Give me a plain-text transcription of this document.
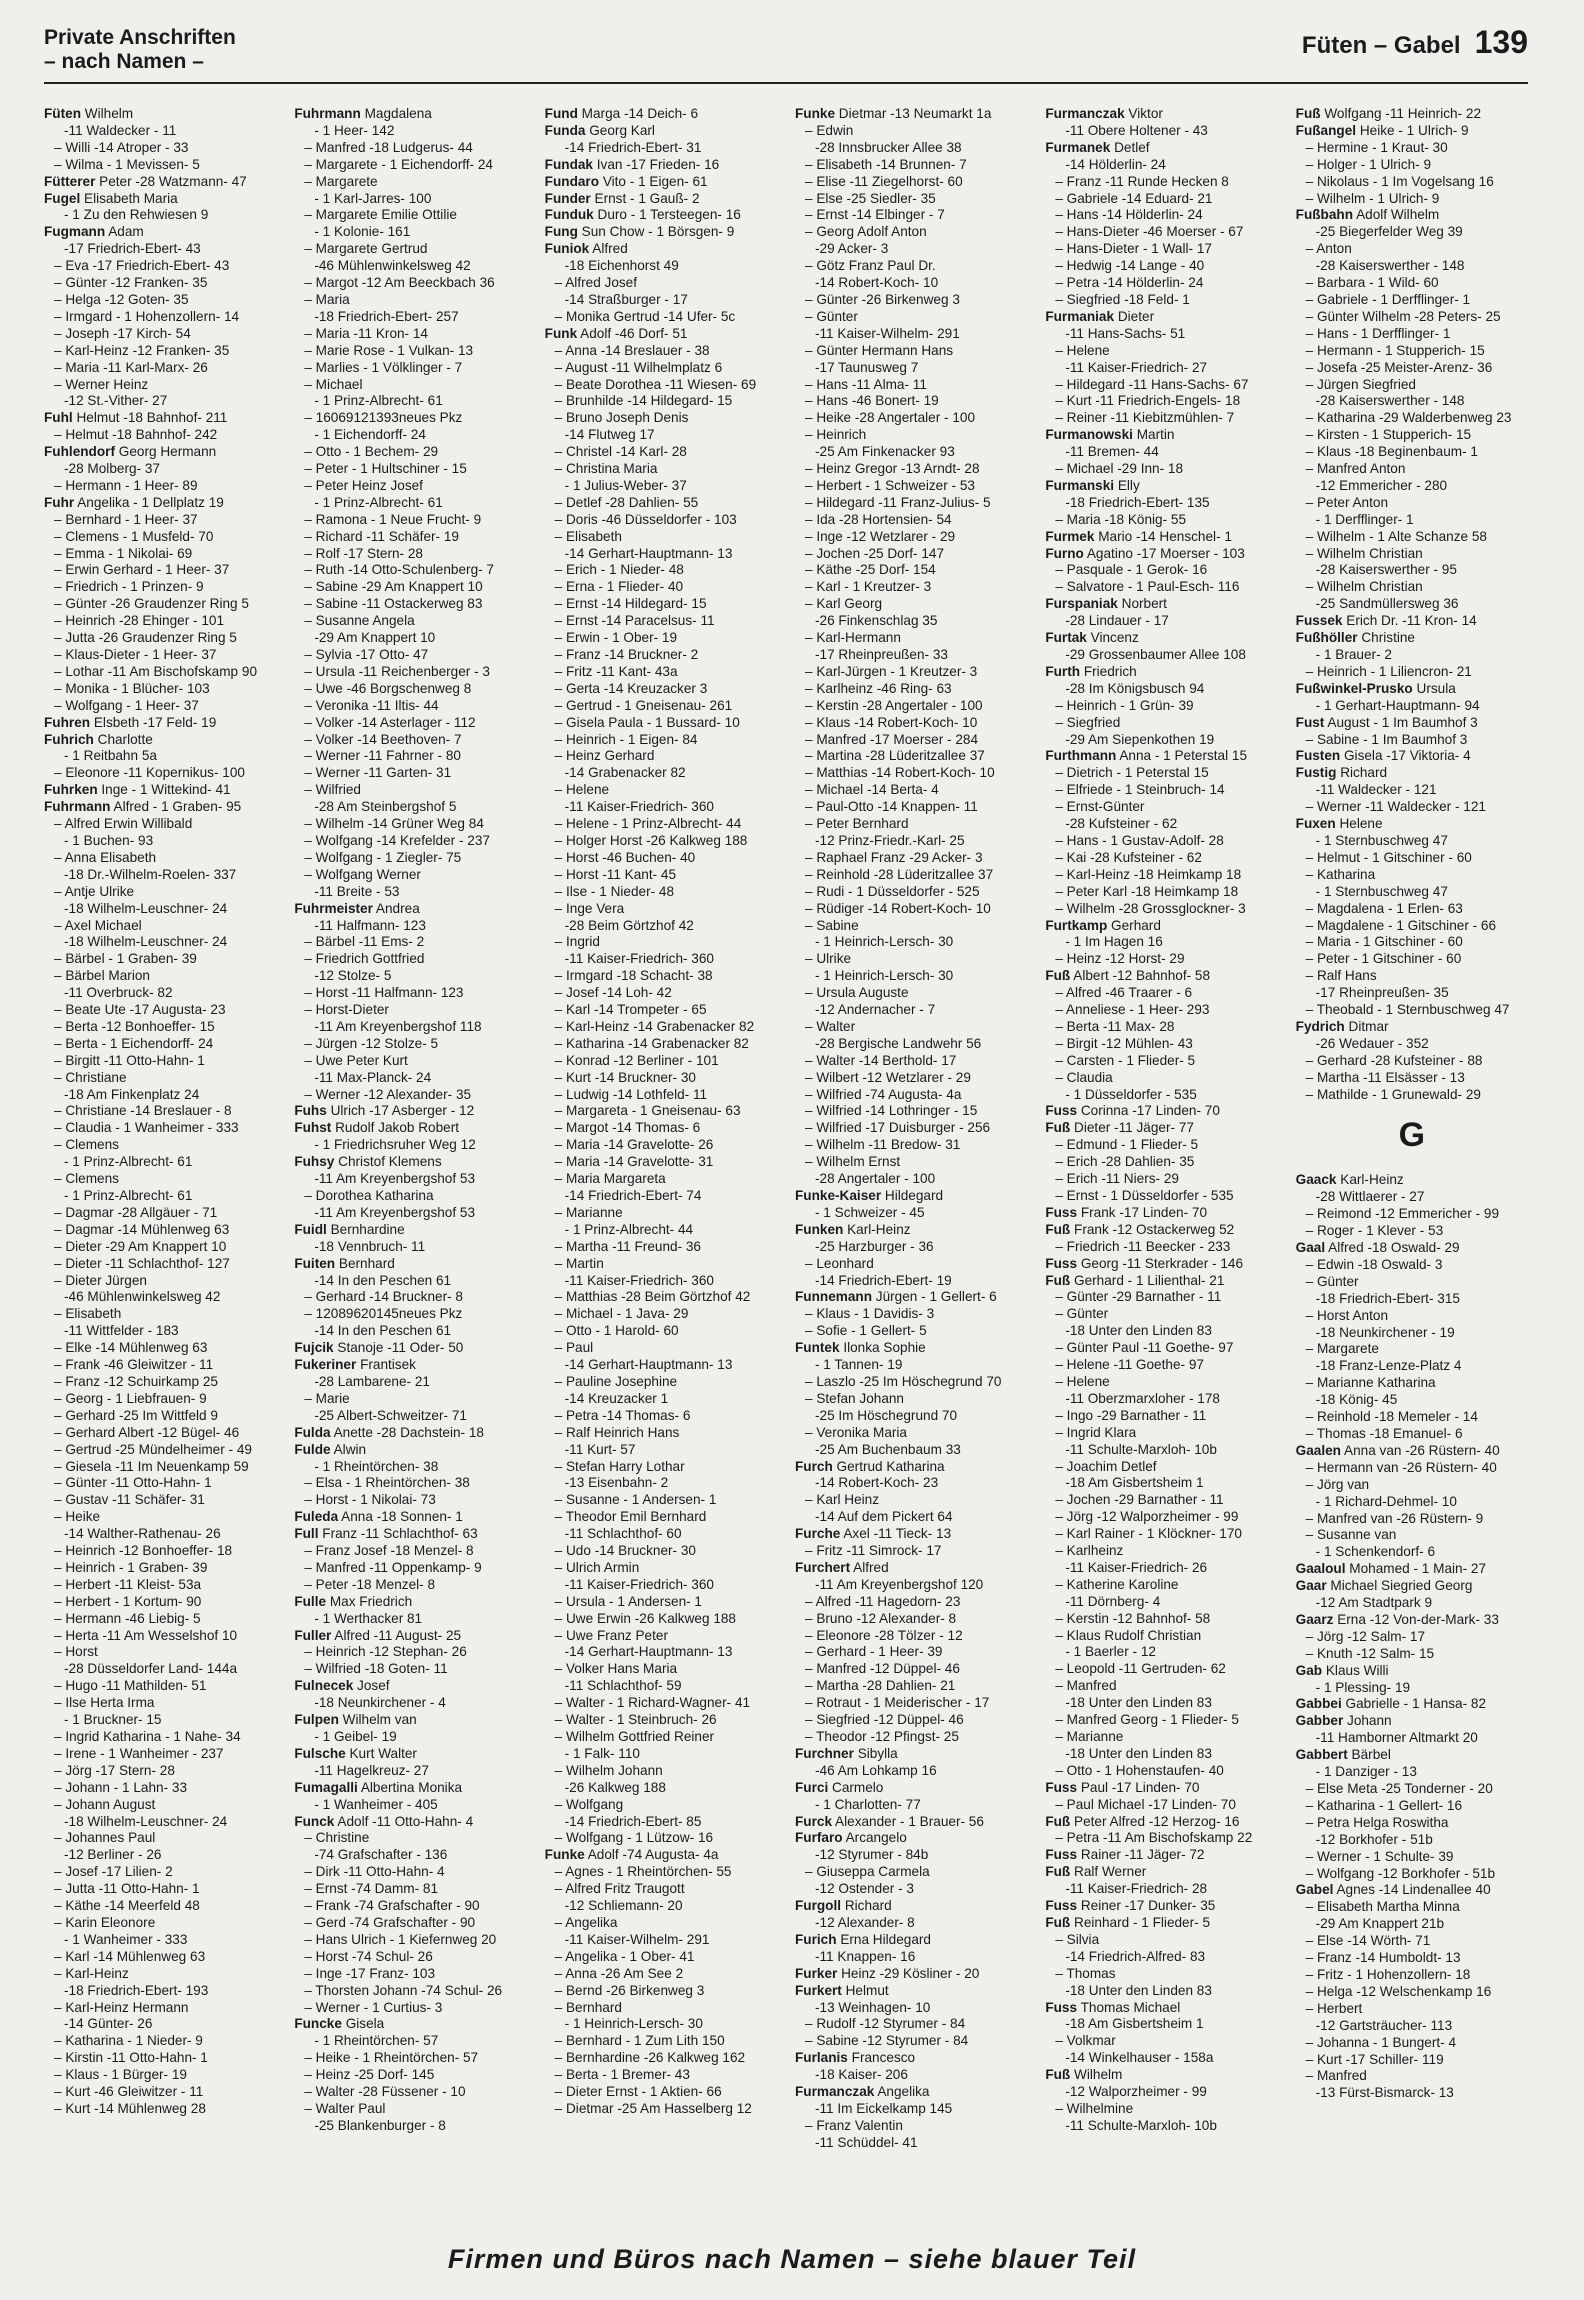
Private Anschriften
– nach Namen –
Füten – Gabel 139
Füten Wilhelm
-11 Waldecker - 11
– Willi -14 Atroper - 33
– Wilma - 1 Mevissen- 5
Fütterer Peter -28 Watzmann- 47
Fugel Elisabeth Maria
- 1 Zu den Rehwiesen 9
Fugmann Adam
-17 Friedrich-Ebert- 43
– Eva -17 Friedrich-Ebert- 43
– Günter -12 Franken- 35
– Helga -12 Goten- 35
– Irmgard - 1 Hohenzollern- 14
– Joseph -17 Kirch- 54
– Karl-Heinz -12 Franken- 35
– Maria -11 Karl-Marx- 26
– Werner Heinz
-12 St.-Vither- 27
Fuhl Helmut -18 Bahnhof- 211
– Helmut -18 Bahnhof- 242
Fuhlendorf Georg Hermann
-28 Molberg- 37
– Hermann - 1 Heer- 89
Fuhr Angelika - 1 Dellplatz 19
– Bernhard - 1 Heer- 37
– Clemens - 1 Musfeld- 70
– Emma - 1 Nikolai- 69
– Erwin Gerhard - 1 Heer- 37
– Friedrich - 1 Prinzen- 9
– Günter -26 Graudenzer Ring 5
– Heinrich -28 Ehinger - 101
– Jutta -26 Graudenzer Ring 5
– Klaus-Dieter - 1 Heer- 37
– Lothar -11 Am Bischofskamp 90
– Monika - 1 Blücher- 103
– Wolfgang - 1 Heer- 37
Fuhren Elsbeth -17 Feld- 19
Fuhrich Charlotte
- 1 Reitbahn 5a
– Eleonore -11 Kopernikus- 100
Fuhrken Inge - 1 Wittekind- 41
Fuhrmann Alfred - 1 Graben- 95
– Alfred Erwin Willibald
- 1 Buchen- 93
– Anna Elisabeth
-18 Dr.-Wilhelm-Roelen- 337
– Antje Ulrike
-18 Wilhelm-Leuschner- 24
– Axel Michael
-18 Wilhelm-Leuschner- 24
– Bärbel - 1 Graben- 39
– Bärbel Marion
-11 Overbruck- 82
– Beate Ute -17 Augusta- 23
– Berta -12 Bonhoeffer- 15
– Berta - 1 Eichendorff- 24
– Birgitt -11 Otto-Hahn- 1
– Christiane
-18 Am Finkenplatz 24
– Christiane -14 Breslauer - 8
– Claudia - 1 Wanheimer - 333
– Clemens
- 1 Prinz-Albrecht- 61
– Clemens
- 1 Prinz-Albrecht- 61
– Dagmar -28 Allgäuer - 71
– Dagmar -14 Mühlenweg 63
– Dieter -29 Am Knappert 10
– Dieter -11 Schlachthof- 127
– Dieter Jürgen
-46 Mühlenwinkelsweg 42
– Elisabeth
-11 Wittfelder - 183
– Elke -14 Mühlenweg 63
– Frank -46 Gleiwitzer - 11
– Franz -12 Schuirkamp 25
– Georg - 1 Liebfrauen- 9
– Gerhard -25 Im Wittfeld 9
– Gerhard Albert -12 Bügel- 46
– Gertrud -25 Mündelheimer - 49
– Giesela -11 Im Neuenkamp 59
– Günter -11 Otto-Hahn- 1
– Gustav -11 Schäfer- 31
– Heike
-14 Walther-Rathenau- 26
– Heinrich -12 Bonhoeffer- 18
– Heinrich - 1 Graben- 39
– Herbert -11 Kleist- 53a
– Herbert - 1 Kortum- 90
– Hermann -46 Liebig- 5
– Herta -11 Am Wesselshof 10
– Horst
-28 Düsseldorfer Land- 144a
– Hugo -11 Mathilden- 51
– Ilse Herta Irma
- 1 Bruckner- 15
– Ingrid Katharina - 1 Nahe- 34
– Irene - 1 Wanheimer - 237
– Jörg -17 Stern- 28
– Johann - 1 Lahn- 33
– Johann August
-18 Wilhelm-Leuschner- 24
– Johannes Paul
-12 Berliner - 26
– Josef -17 Lilien- 2
– Jutta -11 Otto-Hahn- 1
– Käthe -14 Meerfeld 48
– Karin Eleonore
- 1 Wanheimer - 333
– Karl -14 Mühlenweg 63
– Karl-Heinz
-18 Friedrich-Ebert- 193
– Karl-Heinz Hermann
-14 Günter- 26
– Katharina - 1 Nieder- 9
– Kirstin -11 Otto-Hahn- 1
– Klaus - 1 Bürger- 19
– Kurt -46 Gleiwitzer - 11
– Kurt -14 Mühlenweg 28
Fuhrmann Magdalena
- 1 Heer- 142
– Manfred -18 Ludgerus- 44
– Margarete - 1 Eichendorff- 24
– Margarete
- 1 Karl-Jarres- 100
– Margarete Emilie Ottilie
- 1 Kolonie- 161
– Margarete Gertrud
-46 Mühlenwinkelsweg 42
– Margot -12 Am Beeckbach 36
– Maria
-18 Friedrich-Ebert- 257
– Maria -11 Kron- 14
– Marie Rose - 1 Vulkan- 13
– Marlies - 1 Völklinger - 7
– Michael
- 1 Prinz-Albrecht- 61
– 16069121393neues Pkz
- 1 Eichendorff- 24
– Otto - 1 Bechem- 29
– Peter - 1 Hultschiner - 15
– Peter Heinz Josef
- 1 Prinz-Albrecht- 61
– Ramona - 1 Neue Frucht- 9
– Richard -11 Schäfer- 19
– Rolf -17 Stern- 28
– Ruth -14 Otto-Schulenberg- 7
– Sabine -29 Am Knappert 10
– Sabine -11 Ostackerweg 83
– Susanne Angela
-29 Am Knappert 10
– Sylvia -17 Otto- 47
– Ursula -11 Reichenberger - 3
– Uwe -46 Borgschenweg 8
– Veronika -11 Iltis- 44
– Volker -14 Asterlager - 112
– Volker -14 Beethoven- 7
– Werner -11 Fahrner - 80
– Werner -11 Garten- 31
– Wilfried
-28 Am Steinbergshof 5
– Wilhelm -14 Grüner Weg 84
– Wolfgang -14 Krefelder - 237
– Wolfgang - 1 Ziegler- 75
– Wolfgang Werner
-11 Breite - 53
Fuhrmeister Andrea
-11 Halfmann- 123
– Bärbel -11 Ems- 2
– Friedrich Gottfried
-12 Stolze- 5
– Horst -11 Halfmann- 123
– Horst-Dieter
-11 Am Kreyenbergshof 118
– Jürgen -12 Stolze- 5
– Uwe Peter Kurt
-11 Max-Planck- 24
– Werner -12 Alexander- 35
Fuhs Ulrich -17 Asberger - 12
Fuhst Rudolf Jakob Robert
- 1 Friedrichsruher Weg 12
Fuhsy Christof Klemens
-11 Am Kreyenbergshof 53
– Dorothea Katharina
-11 Am Kreyenbergshof 53
Fuidl Bernhardine
-18 Vennbruch- 11
Fuiten Bernhard
-14 In den Peschen 61
– Gerhard -14 Bruckner- 8
– 12089620145neues Pkz
-14 In den Peschen 61
Fujcik Stanoje -11 Oder- 50
Fukeriner Frantisek
-28 Lambarene- 21
– Marie
-25 Albert-Schweitzer- 71
Fulda Anette -28 Dachstein- 18
Fulde Alwin
- 1 Rheintörchen- 38
– Elsa - 1 Rheintörchen- 38
– Horst - 1 Nikolai- 73
Fuleda Anna -18 Sonnen- 1
Full Franz -11 Schlachthof- 63
– Franz Josef -18 Menzel- 8
– Manfred -11 Oppenkamp- 9
– Peter -18 Menzel- 8
Fulle Max Friedrich
- 1 Werthacker 81
Fuller Alfred -11 August- 25
– Heinrich -12 Stephan- 26
– Wilfried -18 Goten- 11
Fulnecek Josef
-18 Neunkirchener - 4
Fulpen Wilhelm van
- 1 Geibel- 19
Fulsche Kurt Walter
-11 Hagelkreuz- 27
Fumagalli Albertina Monika
- 1 Wanheimer - 405
Funck Adolf -11 Otto-Hahn- 4
– Christine
-74 Grafschafter - 136
– Dirk -11 Otto-Hahn- 4
– Ernst -74 Damm- 81
– Frank -74 Grafschafter - 90
– Gerd -74 Grafschafter - 90
– Hans Ulrich - 1 Kiefernweg 20
– Horst -74 Schul- 26
– Inge -17 Franz- 103
– Thorsten Johann -74 Schul- 26
– Werner - 1 Curtius- 3
Funcke Gisela
- 1 Rheintörchen- 57
– Heike - 1 Rheintörchen- 57
– Heinz -25 Dorf- 145
– Walter -28 Füssener - 10
– Walter Paul
-25 Blankenburger - 8
Fund Marga -14 Deich- 6
Funda Georg Karl
-14 Friedrich-Ebert- 31
Fundak Ivan -17 Frieden- 16
Fundaro Vito - 1 Eigen- 61
Funder Ernst - 1 Gauß- 2
Funduk Duro - 1 Tersteegen- 16
Fung Sun Chow - 1 Börsgen- 9
Funiok Alfred
-18 Eichenhorst 49
– Alfred Josef
-14 Straßburger - 17
– Monika Gertrud -14 Ufer- 5c
Funk Adolf -46 Dorf- 51
– Anna -14 Breslauer - 38
– August -11 Wilhelmplatz 6
– Beate Dorothea -11 Wiesen- 69
– Brunhilde -14 Hildegard- 15
– Bruno Joseph Denis
-14 Flutweg 17
– Christel -14 Karl- 28
– Christina Maria
- 1 Julius-Weber- 37
– Detlef -28 Dahlien- 55
– Doris -46 Düsseldorfer - 103
– Elisabeth
-14 Gerhart-Hauptmann- 13
– Erich - 1 Nieder- 48
– Erna - 1 Flieder- 40
– Ernst -14 Hildegard- 15
– Ernst -14 Paracelsus- 11
– Erwin - 1 Ober- 19
– Franz -14 Bruckner- 2
– Fritz -11 Kant- 43a
– Gerta -14 Kreuzacker 3
– Gertrud - 1 Gneisenau- 261
– Gisela Paula - 1 Bussard- 10
– Heinrich - 1 Eigen- 84
– Heinz Gerhard
-14 Grabenacker 82
– Helene
-11 Kaiser-Friedrich- 360
– Helene - 1 Prinz-Albrecht- 44
– Holger Horst -26 Kalkweg 188
– Horst -46 Buchen- 40
– Horst -11 Kant- 45
– Ilse - 1 Nieder- 48
– Inge Vera
-28 Beim Görtzhof 42
– Ingrid
-11 Kaiser-Friedrich- 360
– Irmgard -18 Schacht- 38
– Josef -14 Loh- 42
– Karl -14 Trompeter - 65
– Karl-Heinz -14 Grabenacker 82
– Katharina -14 Grabenacker 82
– Konrad -12 Berliner - 101
– Kurt -14 Bruckner- 30
– Ludwig -14 Lothfeld- 11
– Margareta - 1 Gneisenau- 63
– Margot -14 Thomas- 6
– Maria -14 Gravelotte- 26
– Maria -14 Gravelotte- 31
– Maria Margareta
-14 Friedrich-Ebert- 74
– Marianne
- 1 Prinz-Albrecht- 44
– Martha -11 Freund- 36
– Martin
-11 Kaiser-Friedrich- 360
– Matthias -28 Beim Görtzhof 42
– Michael - 1 Java- 29
– Otto - 1 Harold- 60
– Paul
-14 Gerhart-Hauptmann- 13
– Pauline Josephine
-14 Kreuzacker 1
– Petra -14 Thomas- 6
– Ralf Heinrich Hans
-11 Kurt- 57
– Stefan Harry Lothar
-13 Eisenbahn- 2
– Susanne - 1 Andersen- 1
– Theodor Emil Bernhard
-11 Schlachthof- 60
– Udo -14 Bruckner- 30
– Ulrich Armin
-11 Kaiser-Friedrich- 360
– Ursula - 1 Andersen- 1
– Uwe Erwin -26 Kalkweg 188
– Uwe Franz Peter
-14 Gerhart-Hauptmann- 13
– Volker Hans Maria
-11 Schlachthof- 59
– Walter - 1 Richard-Wagner- 41
– Walter - 1 Steinbruch- 26
– Wilhelm Gottfried Reiner
- 1 Falk- 110
– Wilhelm Johann
-26 Kalkweg 188
– Wolfgang
-14 Friedrich-Ebert- 85
– Wolfgang - 1 Lützow- 16
Funke Adolf -74 Augusta- 4a
– Agnes - 1 Rheintörchen- 55
– Alfred Fritz Traugott
-12 Schliemann- 20
– Angelika
-11 Kaiser-Wilhelm- 291
– Angelika - 1 Ober- 41
– Anna -26 Am See 2
– Bernd -26 Birkenweg 3
– Bernhard
- 1 Heinrich-Lersch- 30
– Bernhard - 1 Zum Lith 150
– Bernhardine -26 Kalkweg 162
– Berta - 1 Bremer- 43
– Dieter Ernst - 1 Aktien- 66
– Dietmar -25 Am Hasselberg 12
Funke Dietmar -13 Neumarkt 1a
– Edwin
-28 Innsbrucker Allee 38
– Elisabeth -14 Brunnen- 7
– Elise -11 Ziegelhorst- 60
– Else -25 Siedler- 35
– Ernst -14 Elbinger - 7
– Georg Adolf Anton
-29 Acker- 3
– Götz Franz Paul Dr.
-14 Robert-Koch- 10
– Günter -26 Birkenweg 3
– Günter
-11 Kaiser-Wilhelm- 291
– Günter Hermann Hans
-17 Taunusweg 7
– Hans -11 Alma- 11
– Hans -46 Bonert- 19
– Heike -28 Angertaler - 100
– Heinrich
-25 Am Finkenacker 93
– Heinz Gregor -13 Arndt- 28
– Herbert - 1 Schweizer - 53
– Hildegard -11 Franz-Julius- 5
– Ida -28 Hortensien- 54
– Inge -12 Wetzlarer - 29
– Jochen -25 Dorf- 147
– Käthe -25 Dorf- 154
– Karl - 1 Kreutzer- 3
– Karl Georg
-26 Finkenschlag 35
– Karl-Hermann
-17 Rheinpreußen- 33
– Karl-Jürgen - 1 Kreutzer- 3
– Karlheinz -46 Ring- 63
– Kerstin -28 Angertaler - 100
– Klaus -14 Robert-Koch- 10
– Manfred -17 Moerser - 284
– Martina -28 Lüderitzallee 37
– Matthias -14 Robert-Koch- 10
– Michael -14 Berta- 4
– Paul-Otto -14 Knappen- 11
– Peter Bernhard
-12 Prinz-Friedr.-Karl- 25
– Raphael Franz -29 Acker- 3
– Reinhold -28 Lüderitzallee 37
– Rudi - 1 Düsseldorfer - 525
– Rüdiger -14 Robert-Koch- 10
– Sabine
- 1 Heinrich-Lersch- 30
– Ulrike
- 1 Heinrich-Lersch- 30
– Ursula Auguste
-12 Andernacher - 7
– Walter
-28 Bergische Landwehr 56
– Walter -14 Berthold- 17
– Wilbert -12 Wetzlarer - 29
– Wilfried -74 Augusta- 4a
– Wilfried -14 Lothringer - 15
– Wilfried -17 Duisburger - 256
– Wilhelm -11 Bredow- 31
– Wilhelm Ernst
-28 Angertaler - 100
Funke-Kaiser Hildegard
- 1 Schweizer - 45
Funken Karl-Heinz
-25 Harzburger - 36
– Leonhard
-14 Friedrich-Ebert- 19
Funnemann Jürgen - 1 Gellert- 6
– Klaus - 1 Davidis- 3
– Sofie - 1 Gellert- 5
Funtek Ilonka Sophie
- 1 Tannen- 19
– Laszlo -25 Im Höschegrund 70
– Stefan Johann
-25 Im Höschegrund 70
– Veronika Maria
-25 Am Buchenbaum 33
Furch Gertrud Katharina
-14 Robert-Koch- 23
– Karl Heinz
-14 Auf dem Pickert 64
Furche Axel -11 Tieck- 13
– Fritz -11 Simrock- 17
Furchert Alfred
-11 Am Kreyenbergshof 120
– Alfred -11 Hagedorn- 23
– Bruno -12 Alexander- 8
– Eleonore -28 Tölzer - 12
– Gerhard - 1 Heer- 39
– Manfred -12 Düppel- 46
– Martha -28 Dahlien- 21
– Rotraut - 1 Meiderischer - 17
– Siegfried -12 Düppel- 46
– Theodor -12 Pfingst- 25
Furchner Sibylla
-46 Am Lohkamp 16
Furci Carmelo
- 1 Charlotten- 77
Furck Alexander - 1 Brauer- 56
Furfaro Arcangelo
-12 Styrumer - 84b
– Giuseppa Carmela
-12 Ostender - 3
Furgoll Richard
-12 Alexander- 8
Furich Erna Hildegard
-11 Knappen- 16
Furker Heinz -29 Kösliner - 20
Furkert Helmut
-13 Weinhagen- 10
– Rudolf -12 Styrumer - 84
– Sabine -12 Styrumer - 84
Furlanis Francesco
-18 Kaiser- 206
Furmanczak Angelika
-11 Im Eickelkamp 145
– Franz Valentin
-11 Schüddel- 41
Furmanczak Viktor
-11 Obere Holtener - 43
Furmanek Detlef
-14 Hölderlin- 24
– Franz -11 Runde Hecken 8
– Gabriele -14 Eduard- 21
– Hans -14 Hölderlin- 24
– Hans-Dieter -46 Moerser - 67
– Hans-Dieter - 1 Wall- 17
– Hedwig -14 Lange - 40
– Petra -14 Hölderlin- 24
– Siegfried -18 Feld- 1
Furmaniak Dieter
-11 Hans-Sachs- 51
– Helene
-11 Kaiser-Friedrich- 27
– Hildegard -11 Hans-Sachs- 67
– Kurt -11 Friedrich-Engels- 18
– Reiner -11 Kiebitzmühlen- 7
Furmanowski Martin
-11 Bremen- 44
– Michael -29 Inn- 18
Furmanski Elly
-18 Friedrich-Ebert- 135
– Maria -18 König- 55
Furmek Mario -14 Henschel- 1
Furno Agatino -17 Moerser - 103
– Pasquale - 1 Gerok- 16
– Salvatore - 1 Paul-Esch- 116
Furspaniak Norbert
-28 Lindauer - 17
Furtak Vincenz
-29 Grossenbaumer Allee 108
Furth Friedrich
-28 Im Königsbusch 94
– Heinrich - 1 Grün- 39
– Siegfried
-29 Am Siepenkothen 19
Furthmann Anna - 1 Peterstal 15
– Dietrich - 1 Peterstal 15
– Elfriede - 1 Steinbruch- 14
– Ernst-Günter
-28 Kufsteiner - 62
– Hans - 1 Gustav-Adolf- 28
– Kai -28 Kufsteiner - 62
– Karl-Heinz -18 Heimkamp 18
– Peter Karl -18 Heimkamp 18
– Wilhelm -28 Grossglockner- 3
Furtkamp Gerhard
- 1 Im Hagen 16
– Heinz -12 Horst- 29
Fuß Albert -12 Bahnhof- 58
– Alfred -46 Traarer - 6
– Anneliese - 1 Heer- 293
– Berta -11 Max- 28
– Birgit -12 Mühlen- 43
– Carsten - 1 Flieder- 5
– Claudia
- 1 Düsseldorfer - 535
Fuss Corinna -17 Linden- 70
Fuß Dieter -11 Jäger- 77
– Edmund - 1 Flieder- 5
– Erich -28 Dahlien- 35
– Erich -11 Niers- 29
– Ernst - 1 Düsseldorfer - 535
Fuss Frank -17 Linden- 70
Fuß Frank -12 Ostackerweg 52
– Friedrich -11 Beecker - 233
Fuss Georg -11 Sterkrader - 146
Fuß Gerhard - 1 Lilienthal- 21
– Günter -29 Barnather - 11
– Günter
-18 Unter den Linden 83
– Günter Paul -11 Goethe- 97
– Helene -11 Goethe- 97
– Helene
-11 Oberzmarxloher - 178
– Ingo -29 Barnather - 11
– Ingrid Klara
-11 Schulte-Marxloh- 10b
– Joachim Detlef
-18 Am Gisbertsheim 1
– Jochen -29 Barnather - 11
– Jörg -12 Walporzheimer - 99
– Karl Rainer - 1 Klöckner- 170
– Karlheinz
-11 Kaiser-Friedrich- 26
– Katherine Karoline
-11 Dörnberg- 4
– Kerstin -12 Bahnhof- 58
– Klaus Rudolf Christian
- 1 Baerler - 12
– Leopold -11 Gertruden- 62
– Manfred
-18 Unter den Linden 83
– Manfred Georg - 1 Flieder- 5
– Marianne
-18 Unter den Linden 83
– Otto - 1 Hohenstaufen- 40
Fuss Paul -17 Linden- 70
– Paul Michael -17 Linden- 70
Fuß Peter Alfred -12 Herzog- 16
– Petra -11 Am Bischofskamp 22
Fuss Rainer -11 Jäger- 72
Fuß Ralf Werner
-11 Kaiser-Friedrich- 28
Fuss Reiner -17 Dunker- 35
Fuß Reinhard - 1 Flieder- 5
– Silvia
-14 Friedrich-Alfred- 83
– Thomas
-18 Unter den Linden 83
Fuss Thomas Michael
-18 Am Gisbertsheim 1
– Volkmar
-14 Winkelhauser - 158a
Fuß Wilhelm
-12 Walporzheimer - 99
– Wilhelmine
-11 Schulte-Marxloh- 10b
Fuß Wolfgang -11 Heinrich- 22
Fußangel Heike - 1 Ulrich- 9
– Hermine - 1 Kraut- 30
– Holger - 1 Ulrich- 9
– Nikolaus - 1 Im Vogelsang 16
– Wilhelm - 1 Ulrich- 9
Fußbahn Adolf Wilhelm
-25 Biegerfelder Weg 39
– Anton
-28 Kaiserswerther - 148
– Barbara - 1 Wild- 60
– Gabriele - 1 Derfflinger- 1
– Günter Wilhelm -28 Peters- 25
– Hans - 1 Derfflinger- 1
– Hermann - 1 Stupperich- 15
– Josefa -25 Meister-Arenz- 36
– Jürgen Siegfried
-28 Kaiserswerther - 148
– Katharina -29 Walderbenweg 23
– Kirsten - 1 Stupperich- 15
– Klaus -18 Beginenbaum- 1
– Manfred Anton
-12 Emmericher - 280
– Peter Anton
- 1 Derfflinger- 1
– Wilhelm - 1 Alte Schanze 58
– Wilhelm Christian
-28 Kaiserswerther - 95
– Wilhelm Christian
-25 Sandmüllersweg 36
Fussek Erich Dr. -11 Kron- 14
Fußhöller Christine
- 1 Brauer- 2
– Heinrich - 1 Liliencron- 21
Fußwinkel-Prusko Ursula
- 1 Gerhart-Hauptmann- 94
Fust August - 1 Im Baumhof 3
– Sabine - 1 Im Baumhof 3
Fusten Gisela -17 Viktoria- 4
Fustig Richard
-11 Waldecker - 121
– Werner -11 Waldecker - 121
Fuxen Helene
- 1 Sternbuschweg 47
– Helmut - 1 Gitschiner - 60
– Katharina
- 1 Sternbuschweg 47
– Magdalena - 1 Erlen- 63
– Magdalene - 1 Gitschiner - 66
– Maria - 1 Gitschiner - 60
– Peter - 1 Gitschiner - 60
– Ralf Hans
-17 Rheinpreußen- 35
– Theobald - 1 Sternbuschweg 47
Fydrich Ditmar
-26 Wedauer - 352
– Gerhard -28 Kufsteiner - 88
– Martha -11 Elsässer - 13
– Mathilde - 1 Grunewald- 29
G
Gaack Karl-Heinz
-28 Wittlaerer - 27
– Reimond -12 Emmericher - 99
– Roger - 1 Klever - 53
Gaal Alfred -18 Oswald- 29
– Edwin -18 Oswald- 3
– Günter
-18 Friedrich-Ebert- 315
– Horst Anton
-18 Neunkirchener - 19
– Margarete
-18 Franz-Lenze-Platz 4
– Marianne Katharina
-18 König- 45
– Reinhold -18 Memeler - 14
– Thomas -18 Emanuel- 6
Gaalen Anna van -26 Rüstern- 40
– Hermann van -26 Rüstern- 40
– Jörg van
- 1 Richard-Dehmel- 10
– Manfred van -26 Rüstern- 9
– Susanne van
- 1 Schenkendorf- 6
Gaaloul Mohamed - 1 Main- 27
Gaar Michael Siegried Georg
-12 Am Stadtpark 9
Gaarz Erna -12 Von-der-Mark- 33
– Jörg -12 Salm- 17
– Knuth -12 Salm- 15
Gab Klaus Willi
- 1 Plessing- 19
Gabbei Gabrielle - 1 Hansa- 82
Gabber Johann
-11 Hamborner Altmarkt 20
Gabbert Bärbel
- 1 Danziger - 13
– Else Meta -25 Tonderner - 20
– Katharina - 1 Gellert- 16
– Petra Helga Roswitha
-12 Borkhofer - 51b
– Werner - 1 Schulte- 39
– Wolfgang -12 Borkhofer - 51b
Gabel Agnes -14 Lindenallee 40
– Elisabeth Martha Minna
-29 Am Knappert 21b
– Else -14 Wörth- 71
– Franz -14 Humboldt- 13
– Fritz - 1 Hohenzollern- 18
– Helga -12 Welschenkamp 16
– Herbert
-12 Gartsträucher- 113
– Johanna - 1 Bungert- 4
– Kurt -17 Schiller- 119
– Manfred
-13 Fürst-Bismarck- 13
Firmen und Büros nach Namen – siehe blauer Teil
